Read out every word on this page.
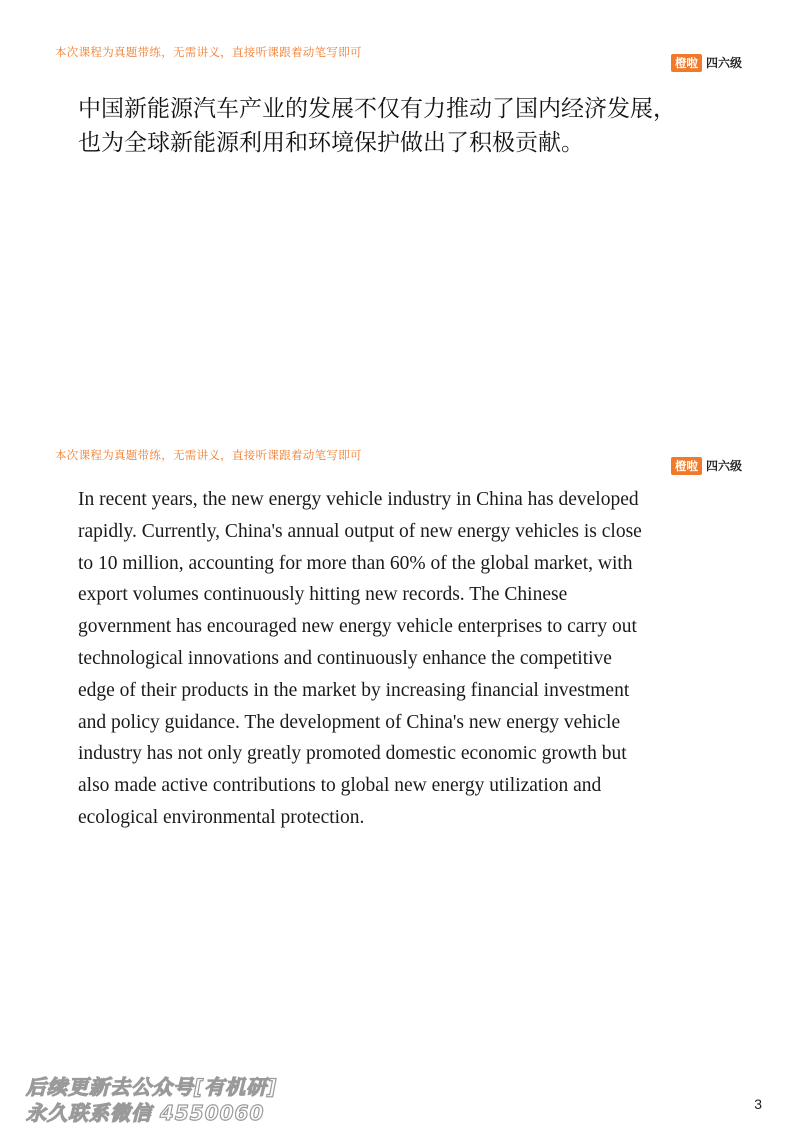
本次课程为真题带练，无需讲义，直接听课跟着动笔写即可
橙啦 四六级
中国新能源汽车产业的发展不仅有力推动了国内经济发展，
也为全球新能源利用和环境保护做出了积极贡献。
本次课程为真题带练，无需讲义，直接听课跟着动笔写即可
橙啦 四六级
In recent years, the new energy vehicle industry in China has developed
rapidly. Currently, China's annual output of new energy vehicles is close
to 10 million, accounting for more than 60% of the global market, with
export volumes continuously hitting new records. The Chinese
government has encouraged new energy vehicle enterprises to carry out
technological innovations and continuously enhance the competitive
edge of their products in the market by increasing financial investment
and policy guidance. The development of China's new energy vehicle
industry has not only greatly promoted domestic economic growth but
also made active contributions to global new energy utilization and
ecological environmental protection.
后续更新去公众号[有机研]
永久联系微信 4550060	3
